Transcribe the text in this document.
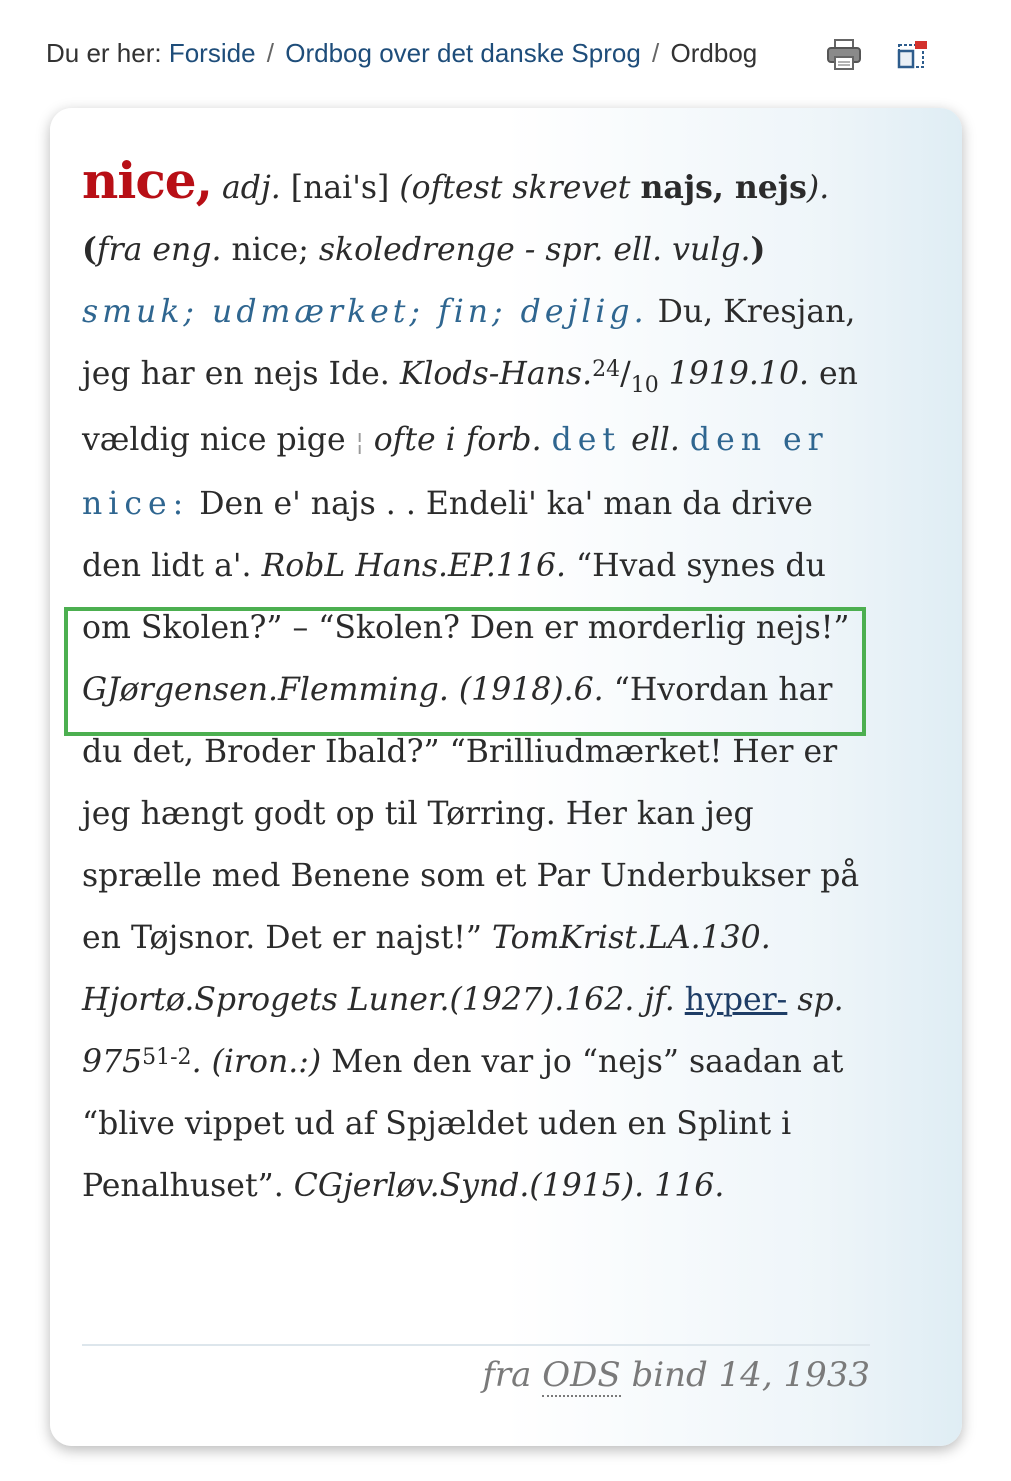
Du er her: Forside / Ordbog over det danske Sprog / Ordbog
nice, adj. [nai's] (oftest skrevet najs, nejs). (fra eng. nice; skoledrenge - spr. ell. vulg.) smuk; udmærket; fin; dejlig. Du, Kresjan, jeg har en nejs Ide. Klods-$Hans.^{24}/_{10}$ 1919.10. en vældig nice pige ¦ ofte i forb. det ell. den er nice: Den e' najs . . Endeli' ka' man da drive den lidt a'. RobL Hans.EP.116. “Hvad synes du om Skolen?” – “Skolen? Den er morderlig nejs!” GJørgensen.Flemming. (1918).6. “Hvordan har du det, Broder Ibald?” “Brilliudmærket! Her er jeg hængt godt op til Tørring. Her kan jeg sprælle med Benene som et Par Underbukser på en Tøjsnor. Det er najst!” TomKrist.LA.130. Hjortø.Sprogets Luner.(1927).162. jf. hyper- sp. 975$^{51-2}$. (iron.:) Men den var jo “nejs” saadan at “blive vippet ud af Spjældet uden en Splint i Penalhuset”. CGjerløv.Synd.(1915). 116.
fra ODS bind 14, 1933
